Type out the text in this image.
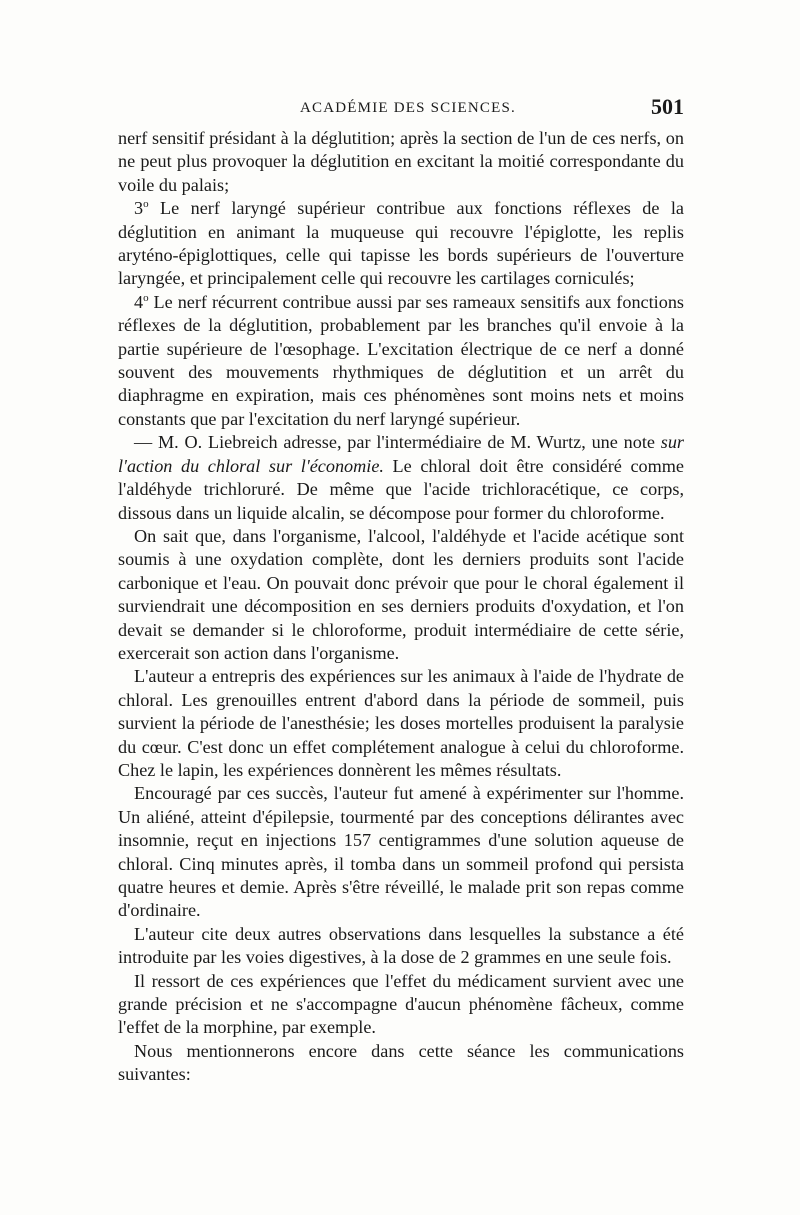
ACADÉMIE DES SCIENCES.	501

nerf sensitif présidant à la déglutition; après la section de l'un de ces nerfs, on ne peut plus provoquer la déglutition en excitant la moitié correspondante du voile du palais;

3$^o$ Le nerf laryngé supérieur contribue aux fonctions réflexes de la déglutition en animant la muqueuse qui recouvre l'épiglotte, les replis aryténo-épiglottiques, celle qui tapisse les bords supérieurs de l'ouverture laryngée, et principalement celle qui recouvre les cartilages corniculés;

4$^o$ Le nerf récurrent contribue aussi par ses rameaux sensitifs aux fonctions réflexes de la déglutition, probablement par les branches qu'il envoie à la partie supérieure de l'œsophage. L'excitation électrique de ce nerf a donné souvent des mouvements rhythmiques de déglutition et un arrêt du diaphragme en expiration, mais ces phénomènes sont moins nets et moins constants que par l'excitation du nerf laryngé supérieur.

— M. O. Liebreich adresse, par l'intermédiaire de M. Wurtz, une note sur l'action du chloral sur l'économie. Le chloral doit être considéré comme l'aldéhyde trichloruré. De même que l'acide trichloracétique, ce corps, dissous dans un liquide alcalin, se décompose pour former du chloroforme.

On sait que, dans l'organisme, l'alcool, l'aldéhyde et l'acide acétique sont soumis à une oxydation complète, dont les derniers produits sont l'acide carbonique et l'eau. On pouvait donc prévoir que pour le choral également il surviendrait une décomposition en ses derniers produits d'oxydation, et l'on devait se demander si le chloroforme, produit intermédiaire de cette série, exercerait son action dans l'organisme.

L'auteur a entrepris des expériences sur les animaux à l'aide de l'hydrate de chloral. Les grenouilles entrent d'abord dans la période de sommeil, puis survient la période de l'anesthésie; les doses mortelles produisent la paralysie du cœur. C'est donc un effet complétement analogue à celui du chloroforme. Chez le lapin, les expériences donnèrent les mêmes résultats.

Encouragé par ces succès, l'auteur fut amené à expérimenter sur l'homme. Un aliéné, atteint d'épilepsie, tourmenté par des conceptions délirantes avec insomnie, reçut en injections 157 centigrammes d'une solution aqueuse de chloral. Cinq minutes après, il tomba dans un sommeil profond qui persista quatre heures et demie. Après s'être réveillé, le malade prit son repas comme d'ordinaire.

L'auteur cite deux autres observations dans lesquelles la substance a été introduite par les voies digestives, à la dose de 2 grammes en une seule fois.

Il ressort de ces expériences que l'effet du médicament survient avec une grande précision et ne s'accompagne d'aucun phénomène fâcheux, comme l'effet de la morphine, par exemple.

Nous mentionnerons encore dans cette séance les communications suivantes:
